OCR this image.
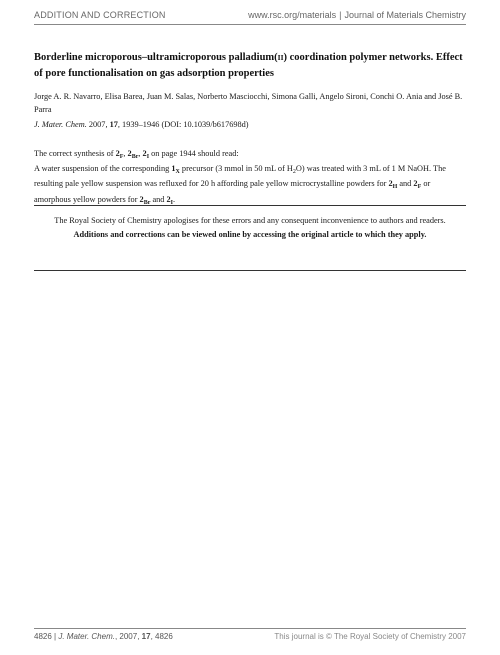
ADDITION AND CORRECTION	www.rsc.org/materials | Journal of Materials Chemistry
Borderline microporous–ultramicroporous palladium(II) coordination polymer networks. Effect of pore functionalisation on gas adsorption properties
Jorge A. R. Navarro, Elisa Barea, Juan M. Salas, Norberto Masciocchi, Simona Galli, Angelo Sironi, Conchi O. Ania and José B. Parra
J. Mater. Chem. 2007, 17, 1939–1946 (DOI: 10.1039/b617698d)

The correct synthesis of $2_F$, $2_{Br}$, $2_I$ on page 1944 should read:

A water suspension of the corresponding $1_X$ precursor (3 mmol in 50 mL of $H_2O$) was treated with 3 mL of 1 M NaOH. The resulting pale yellow suspension was refluxed for 20 h affording pale yellow microcrystalline powders for $2_H$ and $2_F$ or amorphous yellow powders for $2_{Br}$ and $2_I$.

The Royal Society of Chemistry apologises for these errors and any consequent inconvenience to authors and readers.
Additions and corrections can be viewed online by accessing the original article to which they apply.
4826 | J. Mater. Chem., 2007, 17, 4826	This journal is © The Royal Society of Chemistry 2007
